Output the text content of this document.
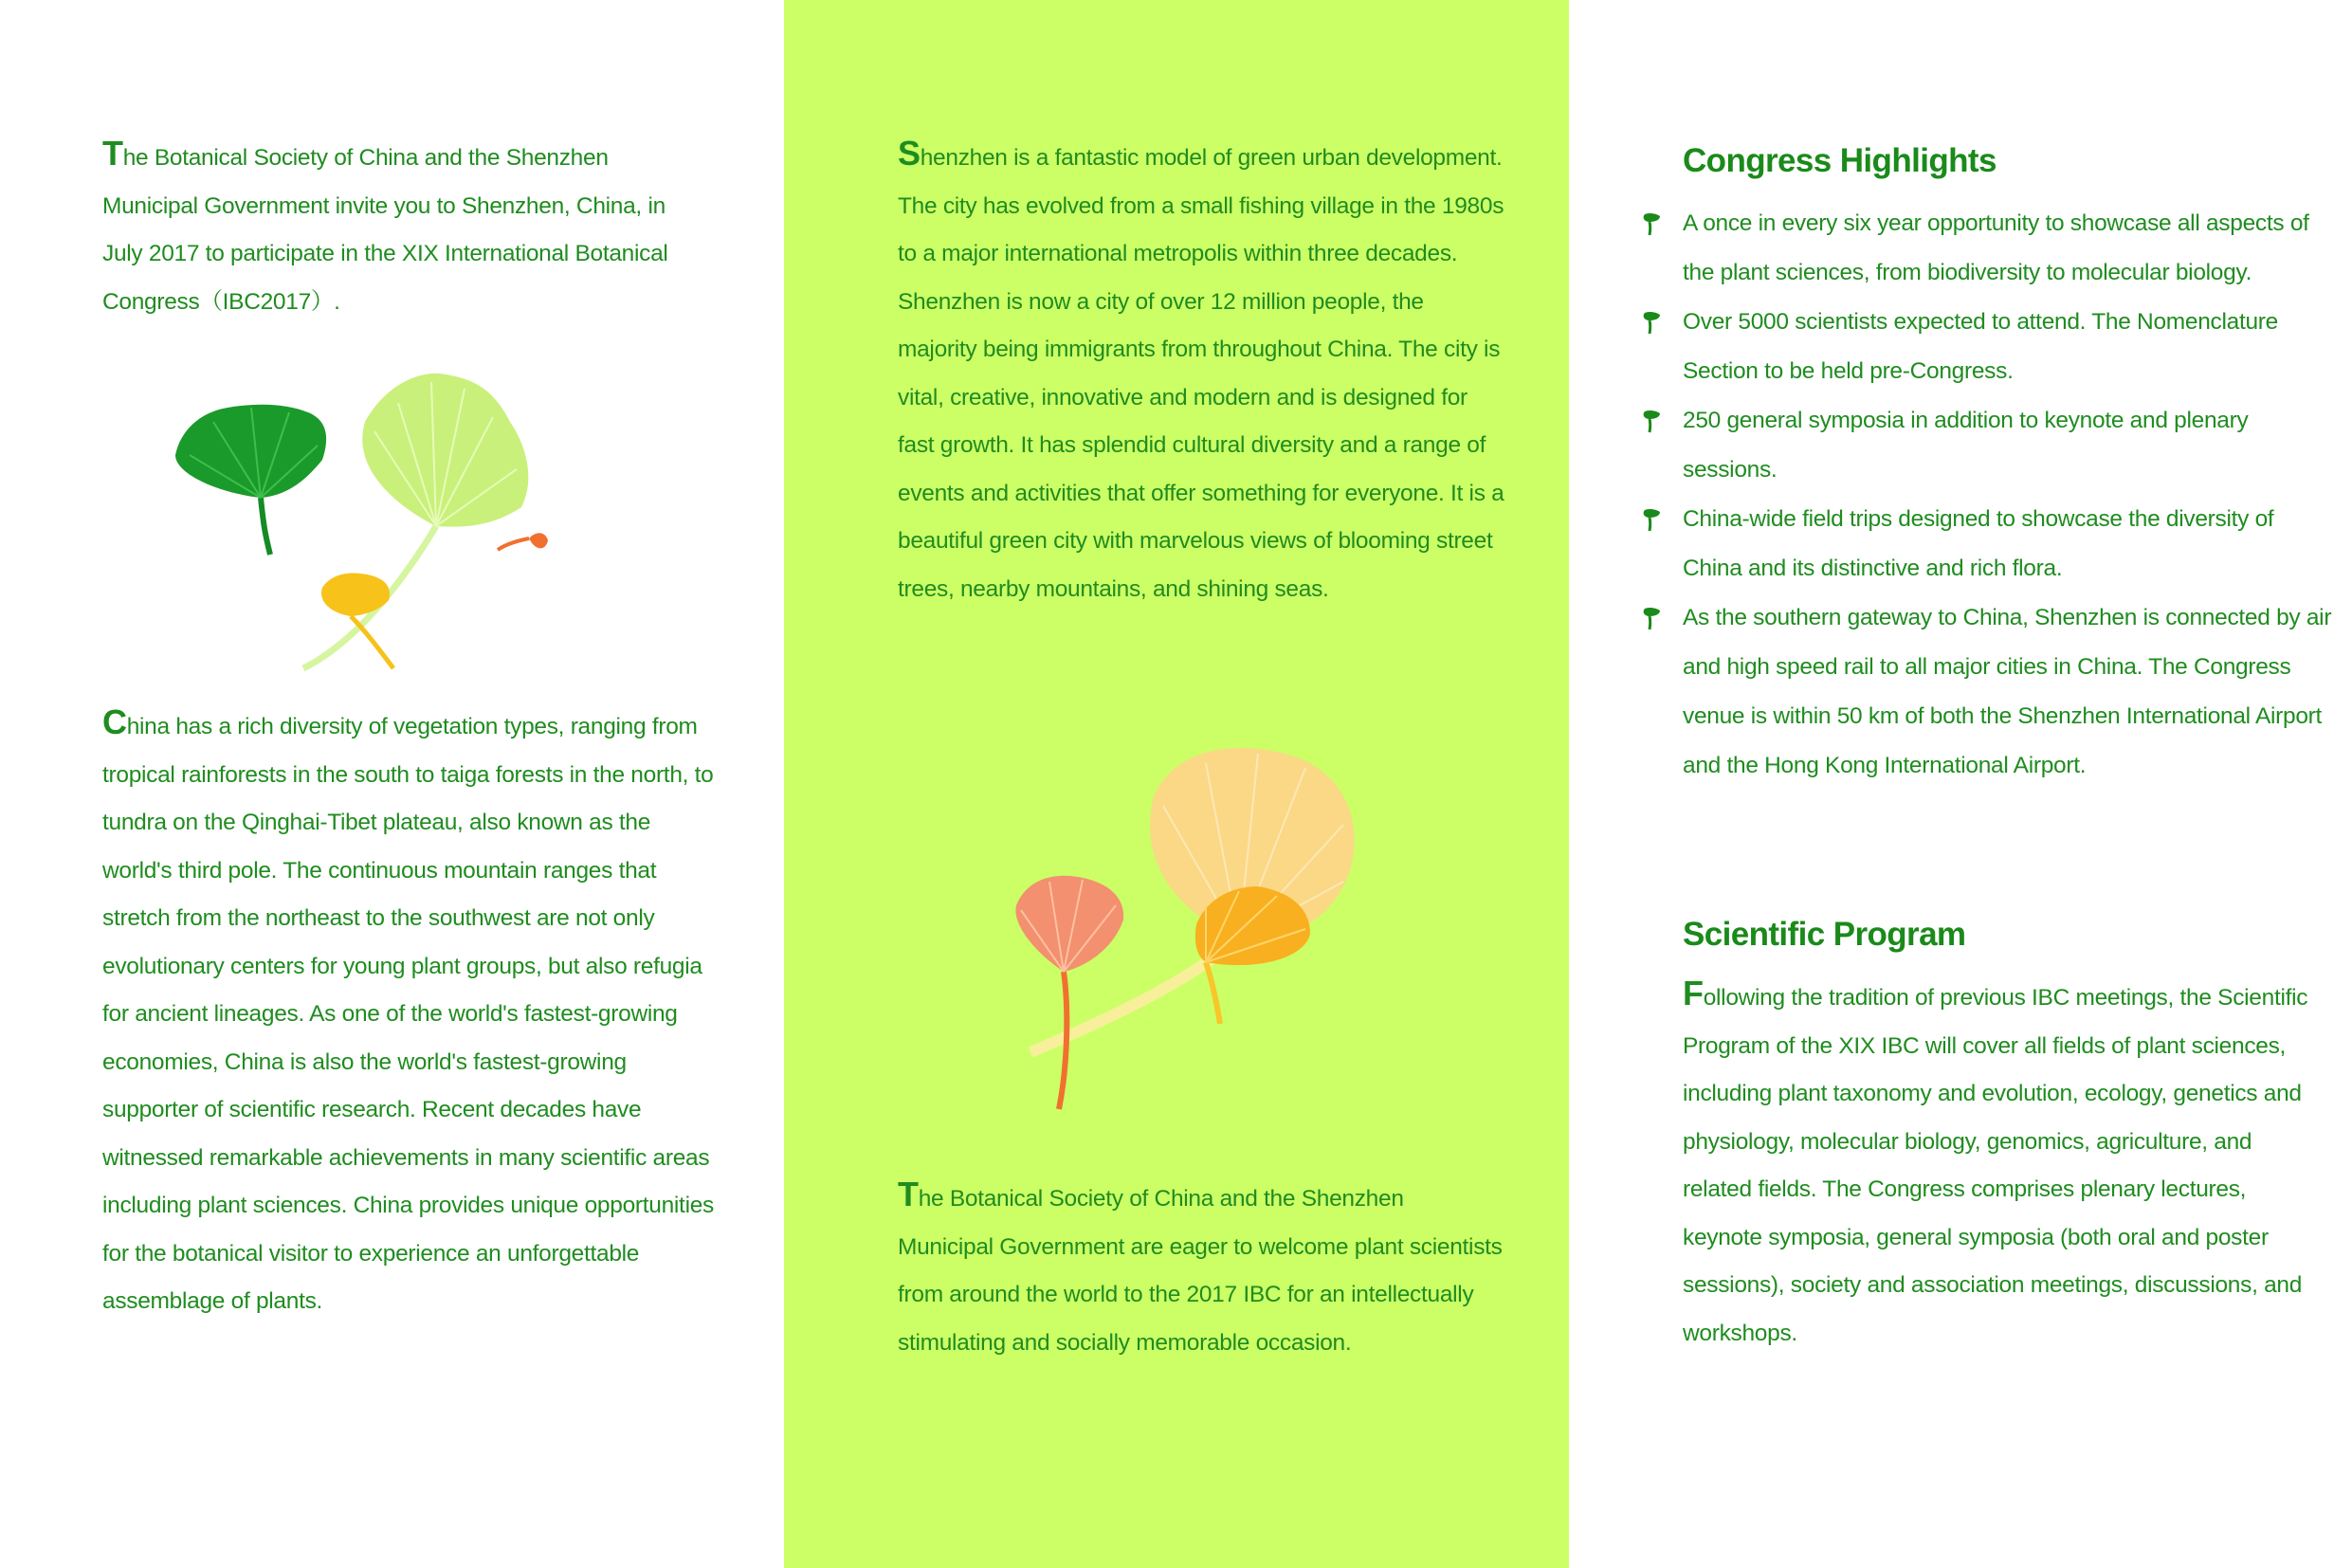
The Botanical Society of China and the Shenzhen Municipal Government invite you to Shenzhen, China, in July 2017 to participate in the XIX International Botanical Congress（IBC2017）.

China has a rich diversity of vegetation types, ranging from tropical rainforests in the south to taiga forests in the north, to tundra on the Qinghai-Tibet plateau, also known as the world's third pole. The continuous mountain ranges that stretch from the northeast to the southwest are not only evolutionary centers for young plant groups, but also refugia for ancient lineages. As one of the world's fastest-growing economies, China is also the world's fastest-growing supporter of scientific research. Recent decades have witnessed remarkable achievements in many scientific areas including plant sciences. China provides unique opportunities for the botanical visitor to experience an unforgettable assemblage of plants.

Shenzhen is a fantastic model of green urban development. The city has evolved from a small fishing village in the 1980s to a major international metropolis within three decades. Shenzhen is now a city of over 12 million people, the majority being immigrants from throughout China. The city is vital, creative, innovative and modern and is designed for fast growth. It has splendid cultural diversity and a range of events and activities that offer something for everyone. It is a beautiful green city with marvelous views of blooming street trees, nearby mountains, and shining seas.

The Botanical Society of China and the Shenzhen Municipal Government are eager to welcome plant scientists from around the world to the 2017 IBC for an intellectually stimulating and socially memorable occasion.

Congress Highlights
A once in every six year opportunity to showcase all aspects of the plant sciences, from biodiversity to molecular biology.
Over 5000 scientists expected to attend. The Nomenclature Section to be held pre-Congress.
250 general symposia in addition to keynote and plenary sessions.
China-wide field trips designed to showcase the diversity of China and its distinctive and rich flora.
As the southern gateway to China, Shenzhen is connected by air and high speed rail to all major cities in China. The Congress venue is within 50 km of both the Shenzhen International Airport and the Hong Kong International Airport.
Scientific Program

Following the tradition of previous IBC meetings, the Scientific Program of the XIX IBC will cover all fields of plant sciences, including plant taxonomy and evolution, ecology, genetics and physiology, molecular biology, genomics, agriculture, and related fields. The Congress comprises plenary lectures, keynote symposia, general symposia (both oral and poster sessions), society and association meetings, discussions, and workshops.
